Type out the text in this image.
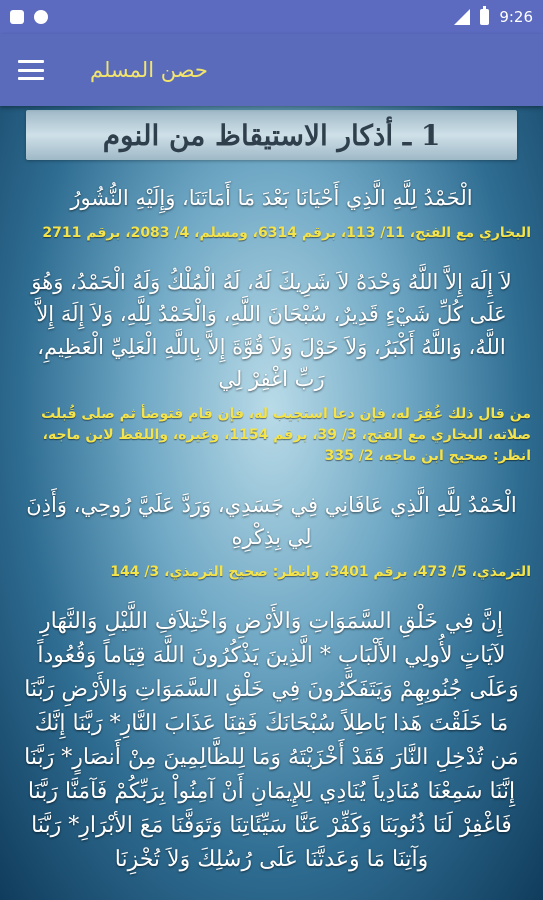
9:26
حصن المسلم
1 ـ أذكار الاستيقاظ من النوم
الْحَمْدُ لِلَّهِ الَّذِي أَحْيَانَا بَعْدَ مَا أَمَاتَنَا، وَإِلَيْهِ النُّشُورُ
البخاري مع الفتح، 11/ 113، برقم 6314، ومسلم، 4/ 2083، برقم 2711
لاَ إِلَهَ إِلاَّ اللَّهُ وَحْدَهُ لاَ شَرِيكَ لَهُ، لَهُ الْمُلْكُ وَلَهُ الْحَمْدُ، وَهُوَ عَلَى كُلِّ شَيْءٍ قَدِيرٌ، سُبْحَانَ اللَّهِ، وَالْحَمْدُ لِلَّهِ، وَلاَ إِلَهَ إِلاَّ اللَّهُ، وَاللَّهُ أَكْبَرُ، وَلاَ حَوْلَ وَلاَ قُوَّةَ إِلاَّ بِاللَّهِ الْعَلِيِّ الْعَظِيمِ، رَبِّ اغْفِرْ لِي
من قال ذلك غُفِرَ له، فإن دعا استجيب له، فإن قام فتوضأ ثم صلى قُبلت صلاته، البخاري مع الفتح، 3/ 39، برقم 1154، وغيره، واللفظ لابن ماجه، انظر: صحيح ابن ماجه، 2/ 335
الْحَمْدُ لِلَّهِ الَّذِي عَافَانِي فِي جَسَدِي، وَرَدَّ عَلَيَّ رُوحِي، وَأَذِنَ لِي بِذِكْرِهِ
الترمذي، 5/ 473، برقم 3401، وانظر: صحيح الترمذي، 3/ 144
إِنَّ فِي خَلْقِ السَّمَوَاتِ وَالأَرْضِ وَاخْتِلاَفِ اللَّيْلِ وَالنَّهَارِ لآيَاتٍ لأُولِي الأَلْبَابِ * الَّذِينَ يَذْكُرُونَ اللَّهَ قِيَاماً وَقُعُوداً وَعَلَى جُنُوبِهِمْ وَيَتَفَكَّرُونَ فِي خَلْقِ السَّمَوَاتِ وَالأَرْضِ رَبَّنَا مَا خَلَقْتَ هَذا بَاطِلاً سُبْحَانَكَ فَقِنَا عَذَابَ النَّارِ* رَبَّنَا إِنَّكَ مَن تُدْخِلِ النَّارَ فَقَدْ أَخْزَيْتَهُ وَمَا لِلظَّالِمِينَ مِنْ أَنصَارٍ* رَبَّنَا إِنَّنَا سَمِعْنَا مُنَادِياً يُنَادِي لِلإِيمَانِ أَنْ آمِنُواْ بِرَبِّكُمْ فَآمَنَّا رَبَّنَا فَاغْفِرْ لَنَا ذُنُوبَنَا وَكَفِّرْ عَنَّا سَيِّئَاتِنَا وَتَوَفَّنَا مَعَ الأبْرَارِ* رَبَّنَا وَآتِنَا مَا وَعَدتَّنَا عَلَى رُسُلِكَ وَلاَ تُخْزِنَا
